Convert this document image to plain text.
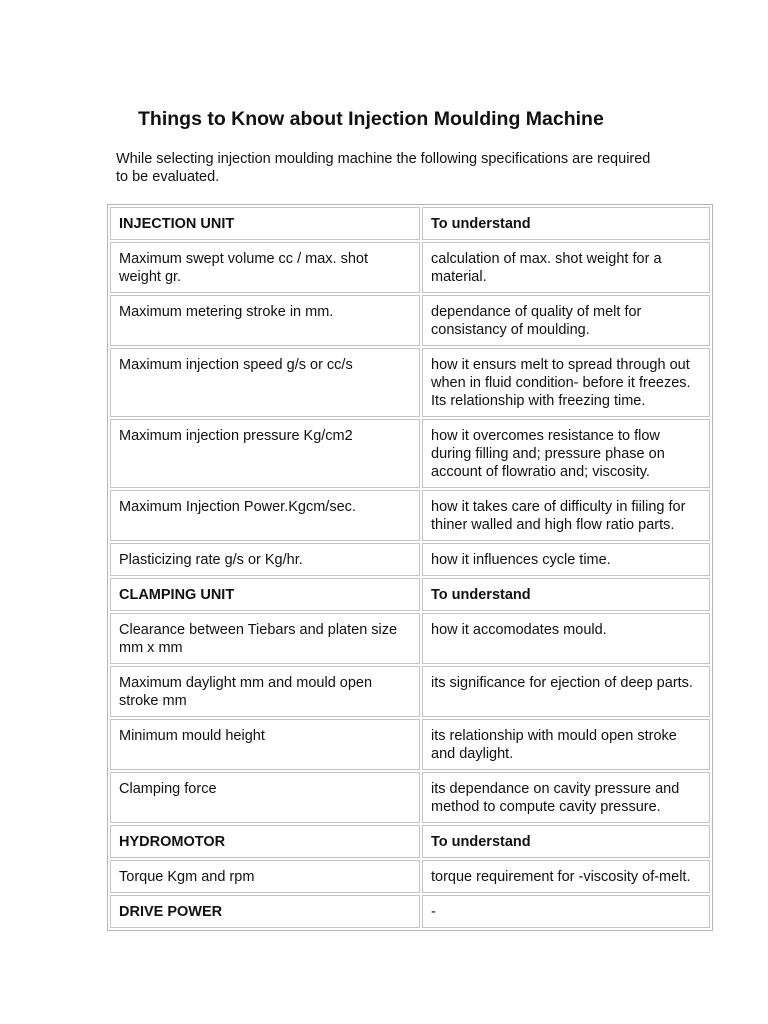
Things to Know about Injection Moulding Machine

While selecting injection moulding machine the following specifications are required to be evaluated.

INJECTION UNIT	To understand
Maximum swept volume cc / max. shot weight gr.	calculation of max. shot weight for a material.
Maximum metering stroke in mm.	dependance of quality of melt for consistancy of moulding.
Maximum injection speed g/s or cc/s	how it ensurs melt to spread through out when in fluid condition- before it freezes. Its relationship with freezing time.
Maximum injection pressure Kg/cm2	how it overcomes resistance to flow during filling and; pressure phase on account of flowratio and; viscosity.
Maximum Injection Power.Kgcm/sec.	how it takes care of difficulty in fiiling for thiner walled and high flow ratio parts.
Plasticizing rate g/s or Kg/hr.	how it influences cycle time.
CLAMPING UNIT	To understand
Clearance between Tiebars and platen size mm x mm	how it accomodates mould.
Maximum daylight mm and mould open stroke mm	its significance for ejection of deep parts.
Minimum mould height	its relationship with mould open stroke and daylight.
Clamping force	its dependance on cavity pressure and method to compute cavity pressure.
HYDROMOTOR	To understand
Torque Kgm and rpm	torque requirement for -viscosity of-melt.
DRIVE POWER	-
